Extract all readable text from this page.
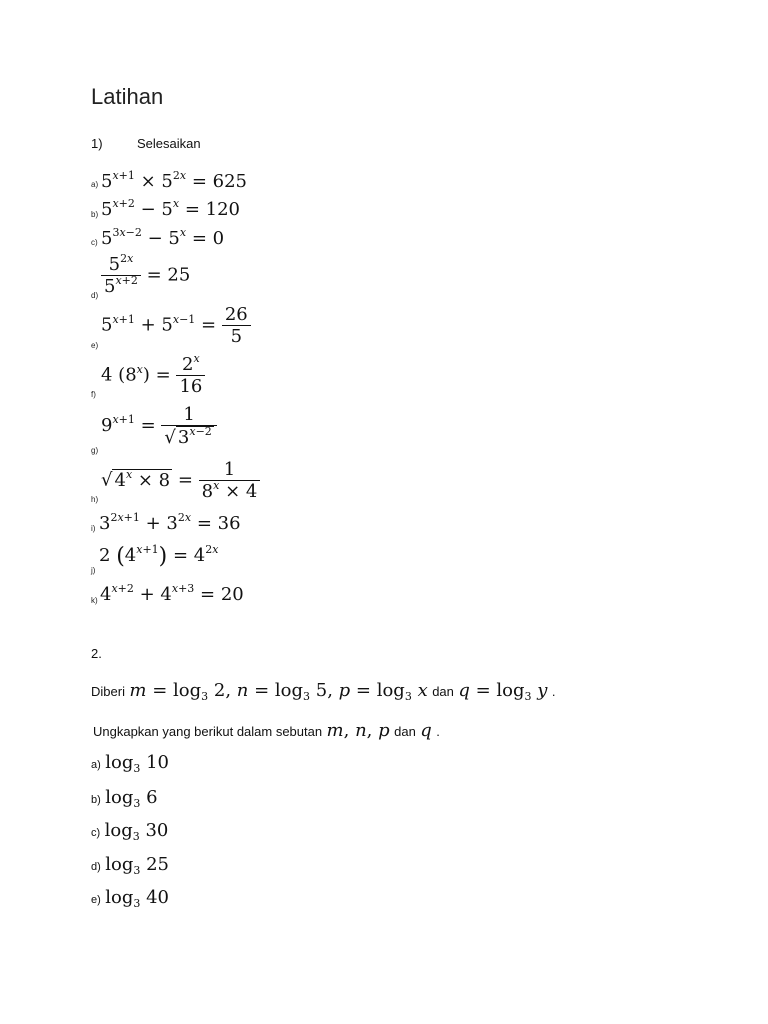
Latihan
1)	Selesaikan
a) $5^{x+1} \times 5^{2x} = 625$
b) $5^{x+2} - 5^x = 120$
c) $5^{3x-2} - 5^x = 0$
$d) \frac{5^{2x}}{5^{x+2}} = 25$
e)
$5^{x+1} + 5^{x-1} = \frac{26}{5}$
f)
4 $(8^x) = \frac{2^x}{16}$
g)
$9^{x+1} = \frac{1}{√ 3^{x-2}}$
h)
√ $4^x \times 8 = \frac{1}{8^x \times 4}$
i) $3^{2x+1} + 3^{2x} = 36$
j)
2 $(4^{x+1}) = 4^{2x}$
k) $4^{x+2} + 4^{x+3} = 20$
2.
Diberi $m = \log_3 2$, $n = \log_3 5$, $p = \log_3 x$ dan $q = \log_3 y$ .
Ungkapkan yang berikut dalam sebutan m, n, p dan q .
a) $\log_3 10$
b) $\log_3 6$
c) $\log_3 30$
d) $\log_3 25$
e) $\log_3 40$
